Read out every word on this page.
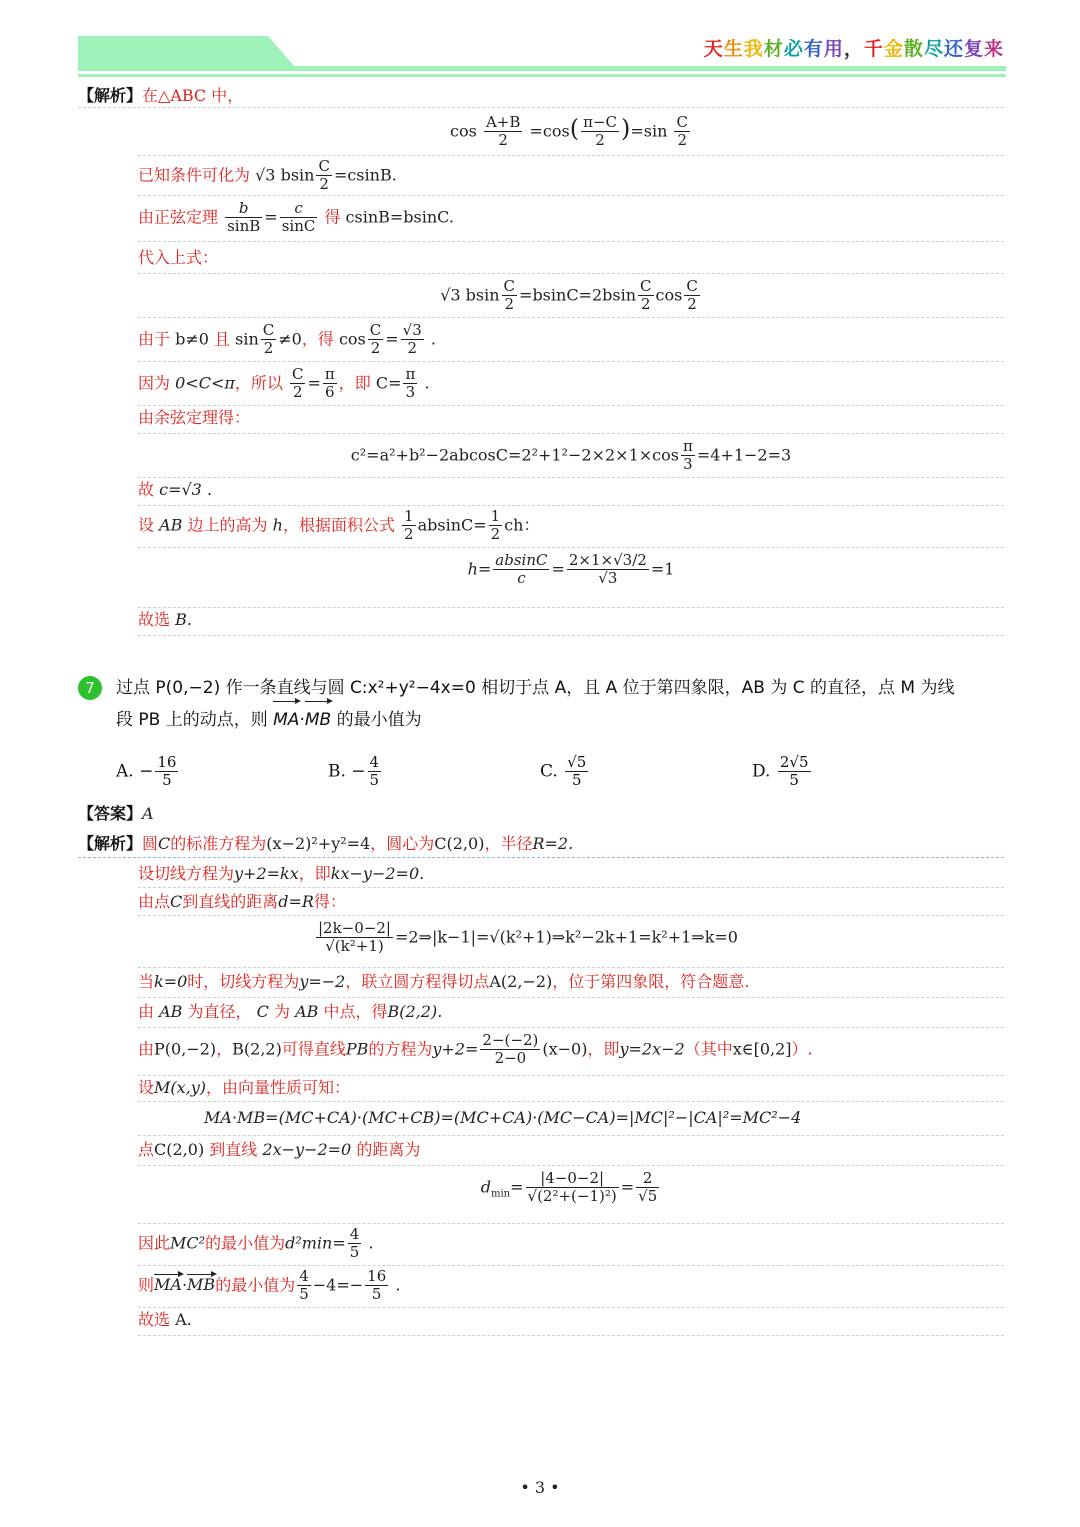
天生我材必有用，千金散尽还复来
【解析】在△ABC 中，
$\cos \frac{A+B}{2} =\cos( \frac{\pi-C}{2} )=\sin \frac{C}{2}$
已知条件可化为 √3 bsin $\frac{C}{2} =csinB$.
由正弦定理 $\frac{b}{\sin B} = \frac{c}{\sin C}$ 得 csinB=bsinC.
代入上式：
√3 bsin $\frac{C}{2} =bsinC=2bsin \frac{C}{2}$ $\cos \frac{C}{2}$
由于 b≠0 且 $\sin \frac{C}{2} \ne 0$，得 $\cos \frac{C}{2} = \frac{√3}{2}$ .
因为 0<C<π，所以 $\frac{C}{2} = \frac{\pi}{6}$ ，即 $C= \frac{\pi}{3}$ .
由余弦定理得：
$c^2=a^2+b^2-2abcosC=2^2+1^2-2\times 2\times 1\times\cos \frac{\pi}{3} =4+1-2=3$
故 c=√3 .
设 AB 边上的高为 h，根据面积公式 $\frac{1}{2} absinC= \frac{1}{2}$ ch：
$h= \frac{absinC}{c} = \frac{2\times 1\times√3/2}{√3} =1$
故选 B.
7	过点 P(0,−2) 作一条直线与圆 C:x²+y²−4x=0 相切于点 A，且 A 位于第四象限，AB 为 C 的直径，点 M 为线
段 PB 上的动点，则 MA·MB 的最小值为
A. − $\frac{16}{5}$	B. − $\frac{4}{5}$	C. $\frac{√5}{5}$	D. $\frac{2√5}{5}$
【答案】A
【解析】圆C的标准方程为(x−2)²+y²=4，圆心为C(2,0)，半径R=2.
设切线方程为y+2=kx，即kx−y−2=0.
由点C到直线的距离d=R得：
$\frac{|2k-0-2|}{\text{√(k²+1)}}$ =2⇒|k−1|=√(k²+1)⇒k²−2k+1=k²+1⇒k=0
当k=0时，切线方程为y=−2，联立圆方程得切点A(2,−2)，位于第四象限，符合题意.
由 AB 为直径， C 为 AB 中点，得B(2,2).
由P(0,−2)，B(2,2)可得直线PB的方程为$y+2= \frac{2-(-2)}{2-0} (x-0)$，即y=2x−2（其中x∈[0,2]）.
设M(x,y)，由向量性质可知：
MA·MB=(MC+CA)·(MC+CB)=(MC+CA)·(MC−CA)=|MC|²−|CA|²=MC²−4
点C(2,0) 到直线 2x−y−2=0 的距离为
$d_{min}= \frac{|4-0-2|}{\text{√(2²+(−1)²)}} = \frac{2}{√5}$
因此MC²的最小值为$d^2\min= \frac{4}{5}$ .
则MA·MB的最小值为 $\frac{4}{5} -4=- \frac{16}{5}$ .
故选 A.
• 3 •
